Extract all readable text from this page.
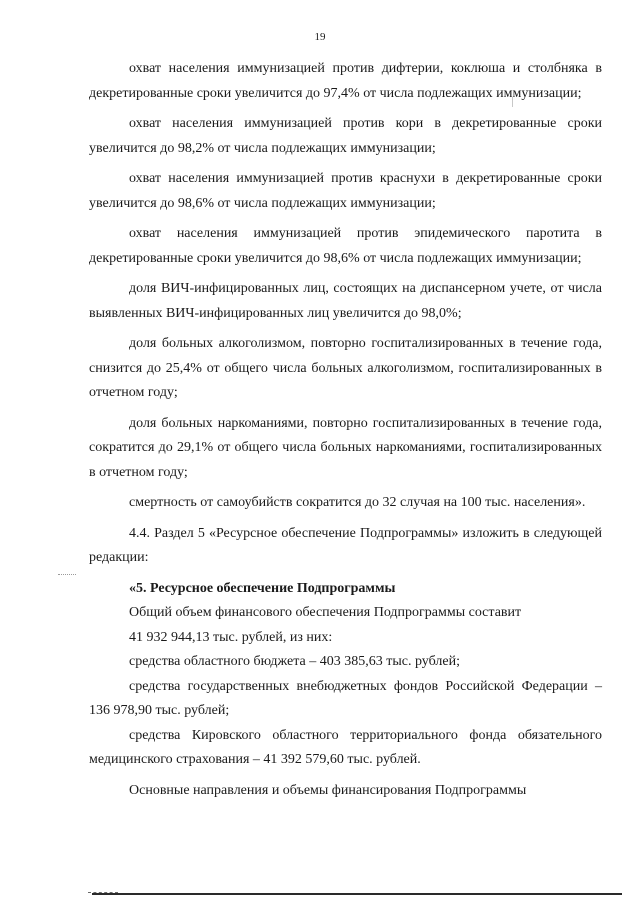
19

охват населения иммунизацией против дифтерии, коклюша и столбняка в декретированные сроки увеличится до 97,4% от числа подлежащих иммунизации;

охват населения иммунизацией против кори в декретированные сроки увеличится до 98,2% от числа подлежащих иммунизации;

охват населения иммунизацией против краснухи в декретированные сроки увеличится до 98,6% от числа подлежащих иммунизации;

охват населения иммунизацией против эпидемического паротита в декретированные сроки увеличится до 98,6% от числа подлежащих иммунизации;

доля ВИЧ-инфицированных лиц, состоящих на диспансерном учете, от числа выявленных ВИЧ-инфицированных лиц увеличится до 98,0%;

доля больных алкоголизмом, повторно госпитализированных в течение года, снизится до 25,4% от общего числа больных алкоголизмом, госпитализированных в отчетном году;

доля больных наркоманиями, повторно госпитализированных в течение года, сократится до 29,1% от общего числа больных наркоманиями, госпитализированных в отчетном году;

смертность от самоубийств сократится до 32 случая на 100 тыс. населения».

4.4. Раздел 5 «Ресурсное обеспечение Подпрограммы» изложить в следующей редакции:

«5. Ресурсное обеспечение Подпрограммы

Общий объем финансового обеспечения Подпрограммы составит

41 932 944,13 тыс. рублей, из них:

средства областного бюджета – 403 385,63 тыс. рублей;

средства государственных внебюджетных фондов Российской Федерации – 136 978,90 тыс. рублей;

средства Кировского областного территориального фонда обязательного медицинского страхования – 41 392 579,60 тыс. рублей.

Основные направления и объемы финансирования Подпрограммы
